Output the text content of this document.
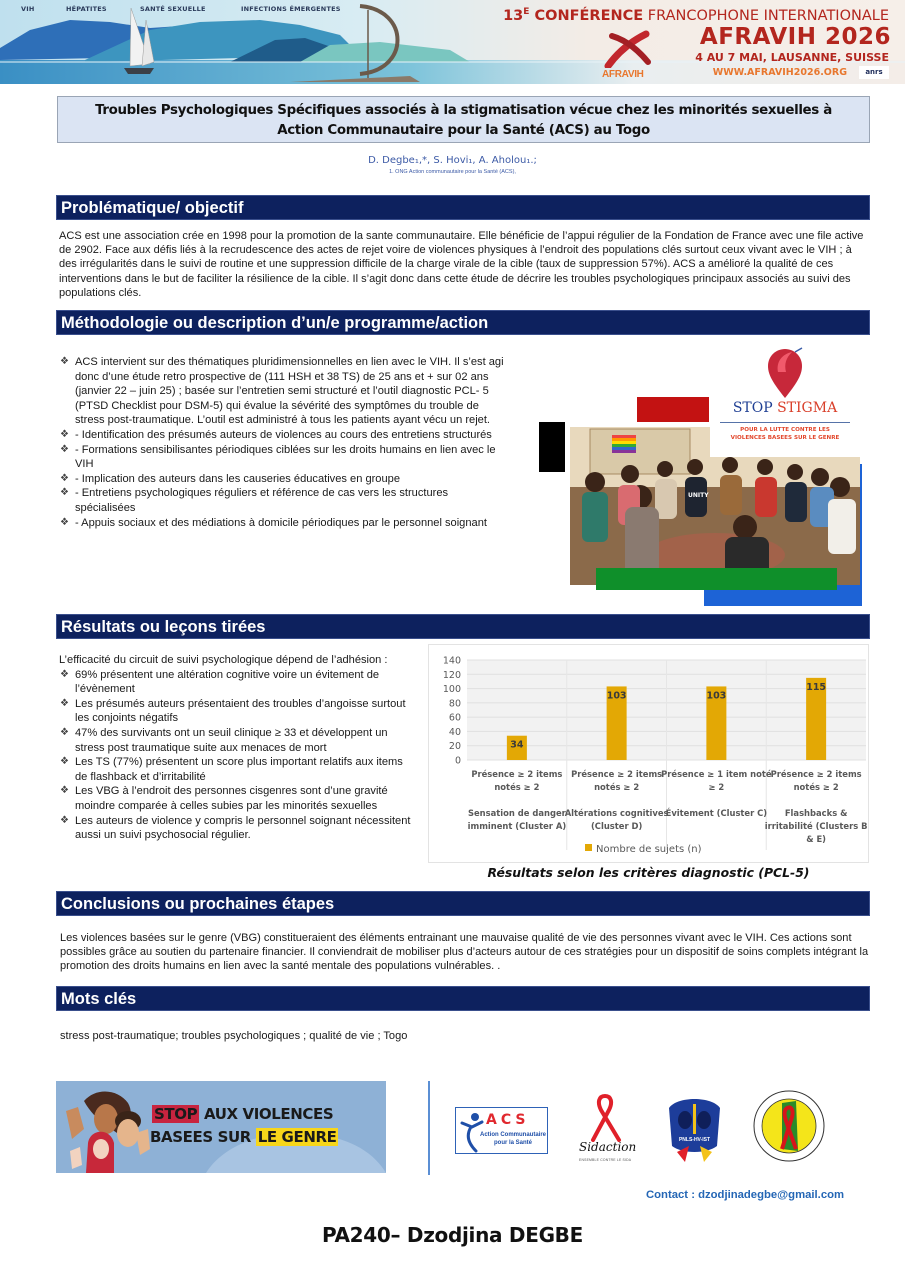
VIH	HÉPATITES	SANTÉ SEXUELLE	INFECTIONS ÉMERGENTES	$13^E$ CONFÉRENCE FRANCOPHONE INTERNATIONALE
AFRAVIH 2026
4 AU 7 MAI, LAUSANNE, SUISSE
WWW.AFRAVIH2026.ORG	anrs
AFRAVIH
Troubles Psychologiques Spécifiques associés à la stigmatisation vécue chez les minorités sexuelles à
Action Communautaire pour la Santé (ACS) au Togo
D. Degbe₁,*, S. Hovi₁, A. Aholou₁.;
1. ONG Action communautaire pour la Santé (ACS),
Problématique/ objectif
ACS est une association crée en 1998 pour la promotion de la sante communautaire. Elle bénéficie de l’appui régulier de la Fondation de France avec une file active de 2902. Face aux défis liés à la recrudescence des actes de rejet voire de violences physiques à l’endroit des populations clés surtout ceux vivant avec le VIH ; à des irrégularités dans le suivi de routine et une suppression difficile de la charge virale de la cible (taux de suppression 57%). ACS a amélioré la qualité de ces interventions dans le but de faciliter la résilience de la cible. Il s’agit donc dans cette étude de décrire les troubles psychologiques principaux associés au suivi des populations clés.
Méthodologie ou description d’un/e programme/action
❖ ACS intervient sur des thématiques pluridimensionnelles en lien avec le VIH. Il s’est agi donc d’une étude retro prospective de (111 HSH et 38 TS) de 25 ans et + sur 02 ans (janvier 22 – juin 25) ; basée sur l’entretien semi structuré et l’outil diagnostic PCL- 5 (PTSD Checklist pour DSM-5) qui évalue la sévérité des symptômes du trouble de stress post-traumatique. L’outil est administré à tous les patients ayant vécu un rejet.
❖ - Identification des présumés auteurs de violences au cours des entretiens structurés
❖ - Formations sensibilisantes périodiques ciblées sur les droits humains en lien avec le VIH
❖ - Implication des auteurs dans les causeries éducatives en groupe
❖ - Entretiens psychologiques réguliers et référence de cas vers les structures spécialisées
❖ - Appuis sociaux et des médiations à domicile périodiques par le personnel soignant
UNITY
STOP STIGMA
POUR LA LUTTE CONTRE LES
VIOLENCES BASEES SUR LE GENRE
Résultats ou leçons tirées
L’efficacité du circuit de suivi psychologique dépend de l’adhésion :
❖ 69% présentent une altération cognitive voire un évitement de l’évènement
❖ Les présumés auteurs présentaient des troubles d’angoisse surtout les conjoints négatifs
❖ 47% des survivants ont un seuil clinique ≥ 33 et développent un stress post traumatique suite aux menaces de mort
❖ Les TS (77%) présentent un score plus important relatifs aux items de flashback et d’irritabilité
❖ Les VBG à l’endroit des personnes cisgenres sont d’une gravité moindre comparée à celles subies par les minorités sexuelles
❖ Les auteurs de violence y compris le personnel soignant nécessitent aussi un suivi psychosocial régulier.
0
20
40
60
80
100
120
140
34
Présence ≥ 2 items
notés ≥ 2
Sensation de danger
imminent (Cluster A)
103
Présence ≥ 2 items
notés ≥ 2
Altérations cognitives
(Cluster D)
103
Présence ≥ 1 item noté
≥ 2
Évitement (Cluster C)
115
Présence ≥ 2 items
notés ≥ 2
Flashbacks &
irritabilité (Clusters B
& E)
Nombre de sujets (n)
Résultats selon les critères diagnostic (PCL-5)
Conclusions ou prochaines étapes
Les violences basées sur le genre (VBG) constitueraient des éléments entrainant une mauvaise qualité de vie des personnes vivant avec le VIH. Ces actions sont possibles grâce au soutien du partenaire financier. Il conviendrait de mobiliser plus d’acteurs autour de ces stratégies pour un dispositif de soins complets intégrant la promotion des droits humains en lien avec la santé mentale des populations vulnérables. .
Mots clés
stress post-traumatique; troubles psychologiques ; qualité de vie ; Togo
STOP AUX VIOLENCES
BASEES SUR LE GENRE
ACS
Action Communautaire
pour la Santé	Sidaction
ENSEMBLE CONTRE LE SIDA
PNLS-HV-IST
Contact : dzodjinadegbe@gmail.com
PA240– Dzodjina DEGBE
